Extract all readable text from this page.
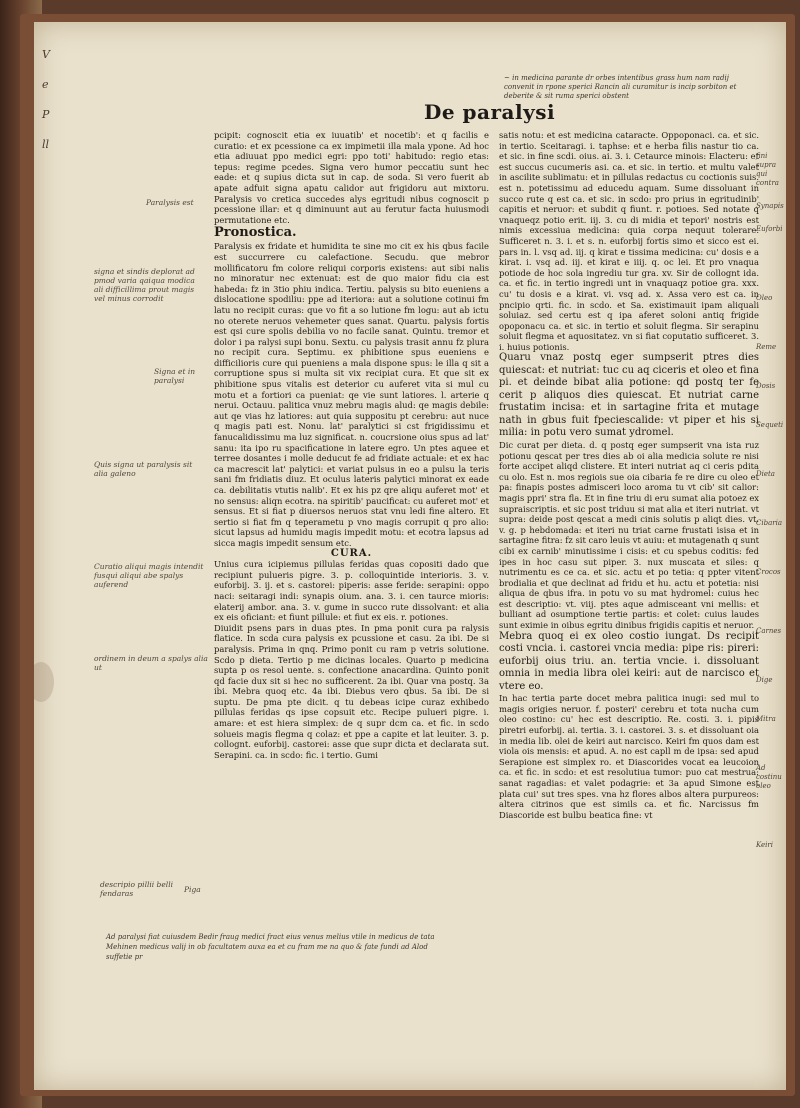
V
e
P
ll
~ in medicina parante dr orbes intentibus grass hum nam radij convenit in rpone sperici Rancin ali curamitur is incip sorbiton et deberite & sit ruma sperici obstent
De paralysi
Paralysis est
signa et sindis deplorat ad pmod varia qaiqua modica ali difficillima prout magis vel minus corrodit
Signa et in paralysi
Quis signa ut paralysis sit alia galeno
Curatio aliqui magis intendit fusqui aliqui abe spalys auferend
ordinem in deum a spalys alia ut
descripio pillii belli fendaras	Piga

pcipit: cognoscit etia ex iuuatib' et nocetib': et q facilis e curatio: et ex pcessione ca ex impimetii illa mala ypone. Ad hoc etia adiuuat ppo medici egri: ppo toti' habitudo: regio etas: tepus: regime pcedes. Signa vero humor peccatiu sunt hec eade: et q supius dicta sut in cap. de soda. Si vero fuerit ab apate adfuit signa apatu calidor aut frigidoru aut mixtoru. Paralysis vo cretica succedes alys egritudi nibus cognoscit p pcessione illar: et q diminuunt aut au ferutur facta huiusmodi permutatione etc.

Pronostica.

Paralysis ex fridate et humidita te sine mo cit ex his qbus facile est succurrere cu calefactione. Secudu. que mebror mollificatoru fm colore reliqui corporis existens: aut sibi nalis no minoratur nec extenuat: est de quo maior fidu cia est habeda: fz in 3tio phiu indica. Tertiu. palysis su bito eueniens a dislocatione spodiliu: ppe ad iteriora: aut a solutione cotinui fm latu no recipit curas: que vo fit a so lutione fm logu: aut ab ictu no oterete neruos vehemeter ques sanat. Quartu. palysis fortis est qsi cure spolis debilia vo no facile sanat. Quintu. tremor et dolor i pa ralysi supi bonu. Sextu. cu palysis trasit annu fz plura no recipit cura. Septimu. ex phibitione spus eueniens e difficilioris cure qui pueniens a mala dispone spus: le illa q sit a corruptione spus si multa sit vix recipiat cura. Et que sit ex phibitione spus vitalis est deterior cu auferet vita si mul cu motu et a fortiori ca pueniat: qe vie sunt latiores. l. arterie q nerui. Octauu. palitica vnuz mebru magis alud: qe magis debile: aut qe vias hz latiores: aut quia suppositu pt cerebru: aut nuce q magis pati est. Nonu. lat' paralytici si cst frigidissimu et fanucalidissimu ma luz significat. n. coucrsione oius spus ad lat' sanu: ita ipo ru spacificatione in latere egro. Un ptes aquee et terree dosantes i molle deducut fe ad fridiate actuale: et ex hac ca macrescit lat' palytici: et variat pulsus in eo a pulsu la teris sani fm fridiatis diuz. Et oculus lateris palytici minorat ex eade ca. debilitatis vtutis nalib'. Et ex his pz qre aliqu auferet mot' et no sensus: aliqn ecotra. na spiritib' paucificat: cu auferet mot' et sensus. Et si fiat p diuersos neruos stat vnu ledi fine altero. Et sertio si fiat fm q teperametu p vno magis corrupit q pro alio: sicut lapsus ad humidu magis impedit motu: et ecotra lapsus ad sicca magis impedit sensum etc.

CURA.

Unius cura icipiemus pillulas feridas quas copositi dado que recipiunt pulueris pigre. 3. p. colloquintide interioris. 3. v. euforbij. 3. ij. et s. castorei: piperis: asse feride: serapini: oppo naci: seitaragi indi: synapis oium. ana. 3. i. cen taurce mioris: elaterij ambor. ana. 3. v. gume in succo rute dissolvant: et alia ex eis oficiant: et fiunt pillule: et fiut ex eis. r. potiones.

Diuidit psens pars in duas ptes. In pma ponit cura pa ralysis flatice. In scda cura palysis ex pcussione et casu. 2a ibi. De si paralysis. Prima in qnq. Primo ponit cu ram p vetris solutione. Scdo p dieta. Tertio p me dicinas locales. Quarto p medicina supta p os resol uente. s. confectione anacardina. Quinto ponit qd facie dux sit si hec no sufficerent. 2a ibi. Quar vna postq. 3a ibi. Mebra quoq etc. 4a ibi. Diebus vero qbus. 5a ibi. De si suptu. De pma pte dicit. q tu debeas icipe curaz exhibedo pillulas feridas qs ipse copsuit etc. Recipe pulueri pigre. i. amare: et est hiera simplex: de q supr dcm ca. et fic. in scdo solueis magis flegma q colaz: et ppe a capite et lat leuiter. 3. p. collognt. euforbij. castorei: asse que supr dicta et declarata sut. Serapini. ca. in scdo: fic. i tertio. Gumi

satis notu: et est medicina cataracte. Oppoponaci. ca. et sic. in tertio. Sceitaragi. i. taphse: et e herba filis nastur tio ca. et sic. in fine scdi. oius. ai. 3. i. Cetaurce minois: Elacteru: et est succus cucumeris asi. ca. et sic. in tertio. et multu valet in ascilite sublimatu: et in pillulas redactus cu coctionis suis. est n. potetissimu ad educedu aquam. Sume dissoluant in succo rute q est ca. et sic. in scdo: pro prius in egritudinib' capitis et neruor: et subdit q fiunt. r. potioes. Sed notate q vnaqueqz potio erit. iij. 3. cu di midia et tepori' nostris est nimis excessiua medicina: quia corpa nequut tolerare. Sufficeret n. 3. i. et s. n. euforbij fortis simo et sicco est ei. pars in. l. vsq ad. iij. q kirat e tissima medicina: cu' dosis e a kirat. i. vsq ad. iij. et kirat e iiij. q. oc lei. Et pro vnaqua potiode de hoc sola ingrediu tur gra. xv. Sir de collognt ida. ca. et fic. in tertio ingredi unt in vnaquaqz potioe gra. xxx. cu' tu dosis e a kirat. vi. vsq ad. x. Assa vero est ca. in pncipio qrti. fic. in scdo. et Sa. existimauit ipam aliquali soluiaz. sed certu est q ipa aferet soloni antiq frigide opoponacu ca. et sic. in tertio et soluit flegma. Sir serapinu soluit flegma et aquositatez. vn si fiat coputatio sufficeret. 3. i. huius potionis.

Quaru vnaz postq eger sumpserit ptres dies quiescat: et nutriat: tuc cu aq ciceris et oleo et fina pi. et deinde bibat alia potione: qd postq ter fe cerit p aliquos dies quiescat. Et nutriat carne frustatim incisa: et in sartagine frita et mutage nath in gbus fuit fpeciescalide: vt piper et his si milia: in potu vero sumat ydromel.

Dic curat per dieta. d. q postq eger sumpserit vna ista ruz potionu qescat per tres dies ab oi alia medicia solute re nisi forte accipet aliqd clistere. Et interi nutriat aq ci ceris pdita cu olo. Est n. mos regiois sue oia cibaria fe re dire cu oleo et pa: finapis postes admisceri loco aroma tu vt cib' sit calior: magis ppri' stra fla. Et in fine triu di eru sumat alia potoez ex supraiscriptis. et sic post triduu si mat alia et iteri nutriat. vt supra: deide post qescat a medi cinis solutis p aliqt dies. vt. v. g. p hebdomada: et iteri nu triat carne frustati isisa et in sartagine fitra: fz sit caro leuis vt auiu: et mutagenath q sunt cibi ex carnib' minutissime i cisis: et cu spebus coditis: fed ipes in hoc casu sut piper. 3. nux muscata et siles: q nutrimentu es ce ca. et sic. actu et po tetia: q ppter vitent brodialia et que declinat ad fridu et hu. actu et potetia: nisi aliqua de qbus ifra. in potu vo su mat hydromel: cuius hec est descriptio: vt. viij. ptes aque admisceant vni mellis: et bulliant ad osumptione tertie partis: et colet: cuius laudes sunt eximie in oibus egritu dinibus frigidis capitis et neruor.

Mebra quoq ei ex oleo costio iungat. Ds recipit costi vncia. i. castorei vncia media: pipe ris: pireri: euforbij oius triu. an. tertia vncie. i. dissoluant omnia in media libra olei keiri: aut de narcisco et vtere eo.

In hac tertia parte docet mebra palitica inugi: sed mul to magis origies neruor. f. posteri' cerebru et tota nucha cum oleo costino: cu' hec est descriptio. Re. costi. 3. i. pipis piretri euforbij. ai. tertia. 3. i. castorei. 3. s. et dissoluant oia in media lib. olei de keiri aut narcisco. Keiri fm quos dam est viola ois mensis: et apud. A. no est capll m de ipsa: sed apud Serapione est simplex ro. et Diascorides vocat ea leucoion ca. et fic. in scdo: et est resolutiua tumor: puo cat mestrua: sanat ragadias: et valet podagrie: et 3a apud Simone est plata cui' sut tres spes. vna hz flores albos altera purpureos: altera citrinos que est simils ca. et fic. Narcissus fm Diascoride est bulbu beatica fine: vt

fini supra qui contra
Synapis
Euforbi
Oleo
Reme
Dosis
Sequeti
Dieta
Cibaria
Crocos
Carnes
Dige
Mitra
Ad costinu oleo
Keiri
Ad paralysi fiat cuiusdem Bedir fraug medici fract eius venus melius vtile in medicus de tata Mehinen medicus valij in ob facultatem auxa ea et cu fram me na quo & fate fundi ad Alod suffetie pr
